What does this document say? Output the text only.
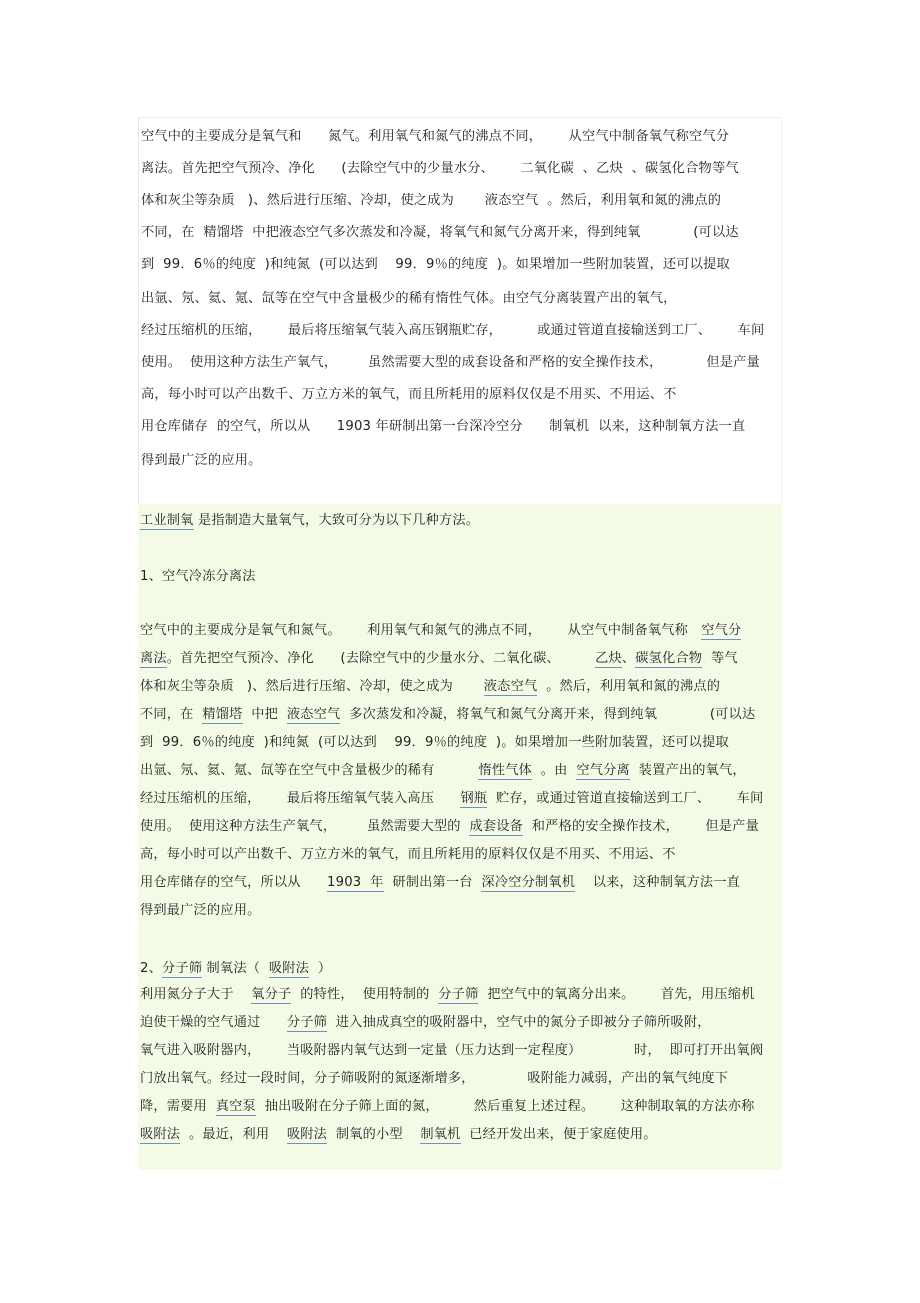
空气中的主要成分是氧气和      氮气。利用氧气和氮气的沸点不同，      从空气中制备氧气称空气分
离法。首先把空气预冷、净化      (去除空气中的少量水分、      二氧化碳  、乙炔  、碳氢化合物等气
体和灰尘等杂质   )、然后进行压缩、冷却，使之成为       液态空气  。然后，利用氧和氮的沸点的
不同，在  精馏塔  中把液态空气多次蒸发和冷凝，将氧气和氮气分离开来，得到纯氧            (可以达
到  99．6％的纯度  )和纯氮  (可以达到    99．9％的纯度  )。如果增加一些附加装置，还可以提取
出氩、氖、氦、氪、氙等在空气中含量极少的稀有惰性气体。由空气分离装置产出的氧气，
经过压缩机的压缩，      最后将压缩氧气装入高压钢瓶贮存，        或通过管道直接输送到工厂、      车间
使用。  使用这种方法生产氧气，       虽然需要大型的成套设备和严格的安全操作技术，          但是产量
高，每小时可以产出数千、万立方米的氧气，而且所耗用的原料仅仅是不用买、不用运、不
用仓库储存  的空气，所以从      1903 年研制出第一台深冷空分      制氧机  以来，这种制氧方法一直
得到最广泛的应用。
工业制氧 是指制造大量氧气，大致可分为以下几种方法。
1、空气冷冻分离法
空气中的主要成分是氧气和氮气。      利用氧气和氮气的沸点不同，      从空气中制备氧气称   空气分
离法。首先把空气预冷、净化      (去除空气中的少量水分、二氧化碳、        乙炔、碳氢化合物  等气
体和灰尘等杂质   )、然后进行压缩、冷却，使之成为       液态空气  。然后，利用氧和氮的沸点的
不同，在  精馏塔  中把  液态空气  多次蒸发和冷凝，将氧气和氮气分离开来，得到纯氧            (可以达
到  99．6％的纯度  )和纯氮  (可以达到    99．9％的纯度  )。如果增加一些附加装置，还可以提取
出氩、氖、氦、氪、氙等在空气中含量极少的稀有          惰性气体  。由  空气分离  装置产出的氧气，
经过压缩机的压缩，      最后将压缩氧气装入高压      钢瓶  贮存，或通过管道直接输送到工厂、      车间
使用。  使用这种方法生产氧气，       虽然需要大型的  成套设备  和严格的安全操作技术，      但是产量
高，每小时可以产出数千、万立方米的氧气，而且所耗用的原料仅仅是不用买、不用运、不
用仓库储存的空气，所以从      1903  年  研制出第一台  深冷空分制氧机    以来，这种制氧方法一直
得到最广泛的应用。
2、分子筛 制氧法（  吸附法  ）
利用氮分子大于    氧分子  的特性，  使用特制的  分子筛  把空气中的氧离分出来。      首先，用压缩机
迫使干燥的空气通过      分子筛  进入抽成真空的吸附器中，空气中的氮分子即被分子筛所吸附，
氧气进入吸附器内，      当吸附器内氧气达到一定量（压力达到一定程度）            时，  即可打开出氧阀
门放出氧气。经过一段时间，分子筛吸附的氮逐渐增多，            吸附能力减弱，产出的氧气纯度下
降，需要用  真空泵  抽出吸附在分子筛上面的氮，        然后重复上述过程。      这种制取氧的方法亦称
吸附法  。最近，利用    吸附法  制氧的小型    制氧机  已经开发出来，便于家庭使用。
